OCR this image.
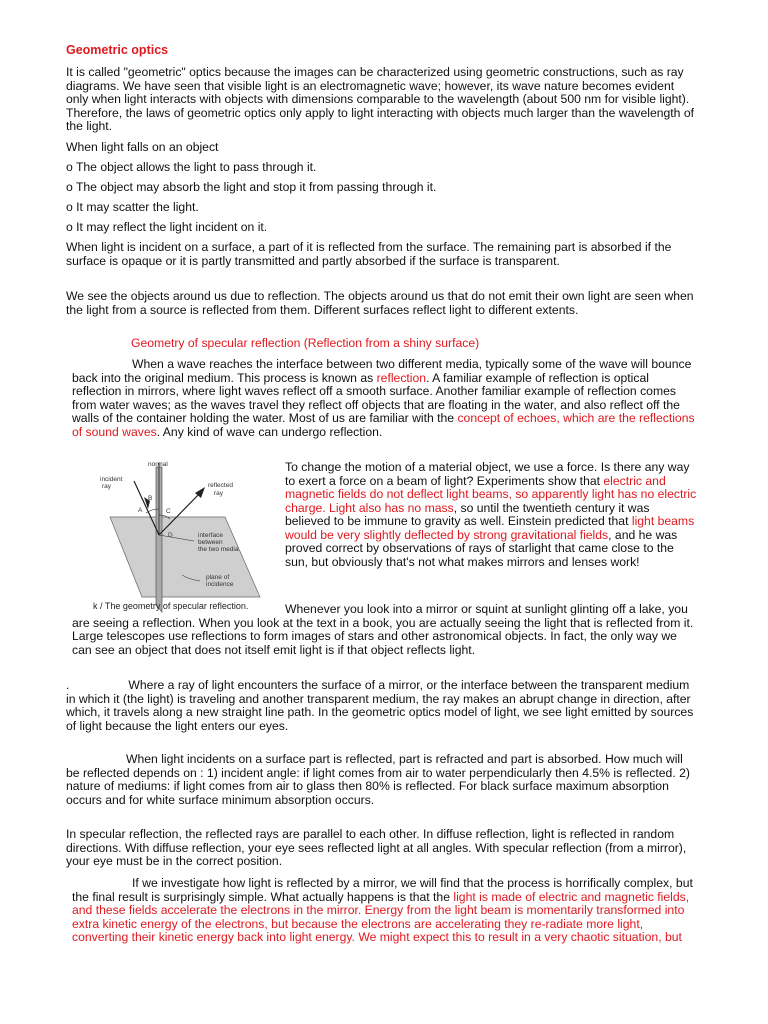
Geometric optics

It is called "geometric" optics because the images can be characterized using geometric constructions, such as ray diagrams. We have seen that visible light is an electromagnetic wave; however, its wave nature becomes evident only when light interacts with objects with dimensions comparable to the wavelength (about 500 nm for visible light). Therefore, the laws of geometric optics only apply to light interacting with objects much larger than the wavelength of the light.

When light falls on an object

o The object allows the light to pass through it.

o The object may absorb the light and stop it from passing through it.

o It may scatter the light.

o It may reflect the light incident on it.

When light is incident on a surface, a part of it is reflected from the surface. The remaining part is absorbed if the surface is opaque or it is partly transmitted and partly absorbed if the surface is transparent.

We see the objects around us due to reflection. The objects around us that do not emit their own light are seen when the light from a source is reflected from them. Different surfaces reflect light to different extents.

Geometry of specular reflection (Reflection from a shiny surface)

When a wave reaches the interface between two different media, typically some of the wave will bounce back into the original medium. This process is known as reflection. A familiar example of reflection is optical reflection in mirrors, where light waves reflect off a smooth surface. Another familiar example of reflection comes from water waves; as the waves travel they reflect off objects that are floating in the water, and also reflect off the walls of the container holding the water. Most of us are familiar with the concept of echoes, which are the reflections of sound waves. Any kind of wave can undergo reflection.

normal
incident
ray	reflected
ray
A
B
C
D	interface
between
the two media
plane of
incidence
k / The geometry of specular reflection.

To change the motion of a material object, we use a force. Is there any way to exert a force on a beam of light? Experiments show that electric and magnetic fields do not deflect light beams, so apparently light has no electric charge. Light also has no mass, so until the twentieth century it was believed to be immune to gravity as well. Einstein predicted that light beams would be very slightly deflected by strong gravitational fields, and he was proved correct by observations of rays of starlight that came close to the sun, but obviously that's not what makes mirrors and lenses work!

Whenever you look into a mirror or squint at sunlight glinting off a lake, you are seeing a reflection. When you look at the text in a book, you are actually seeing the light that is reflected from it. Large telescopes use reflections to form images of stars and other astronomical objects. In fact, the only way we can see an object that does not itself emit light is if that object reflects light.

.	Where a ray of light encounters the surface of a mirror, or the interface between the transparent medium in which it (the light) is traveling and another transparent medium, the ray makes an abrupt change in direction, after which, it travels along a new straight line path. In the geometric optics model of light, we see light emitted by sources of light because the light enters our eyes.

When light incidents on a surface part is reflected, part is refracted and part is absorbed. How much will be reflected depends on : 1) incident angle: if light comes from air to water perpendicularly then 4.5% is reflected. 2) nature of mediums: if light comes from air to glass then 80% is reflected. For black surface maximum absorption occurs and for white surface minimum absorption occurs.

In specular reflection, the reflected rays are parallel to each other. In diffuse reflection, light is reflected in random directions. With diffuse reflection, your eye sees reflected light at all angles. With specular reflection (from a mirror), your eye must be in the correct position.

If we investigate how light is reflected by a mirror, we will find that the process is horrifically complex, but the final result is surprisingly simple. What actually happens is that the light is made of electric and magnetic fields, and these fields accelerate the electrons in the mirror. Energy from the light beam is momentarily transformed into extra kinetic energy of the electrons, but because the electrons are accelerating they re-radiate more light, converting their kinetic energy back into light energy. We might expect this to result in a very chaotic situation, but
